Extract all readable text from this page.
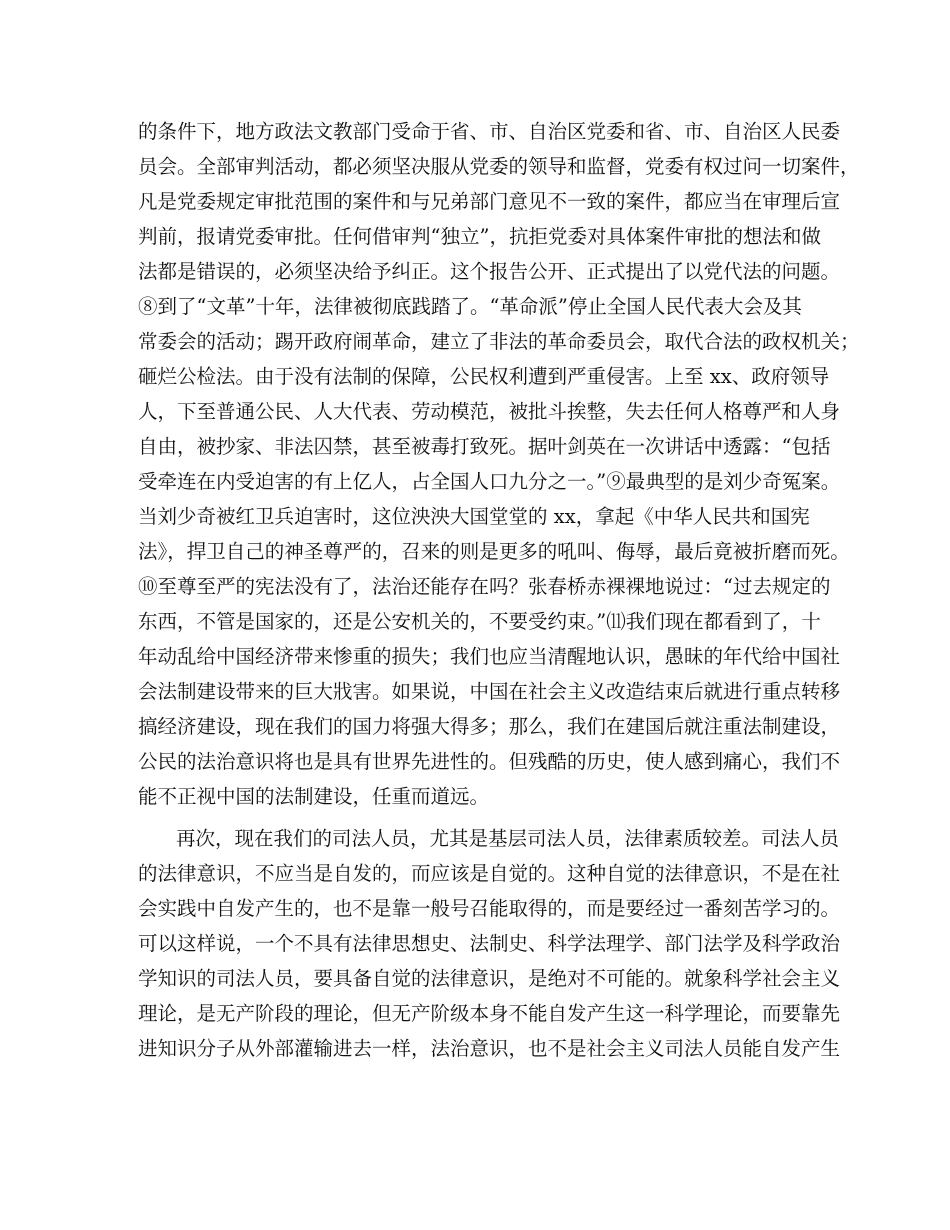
的条件下，地方政法文教部门受命于省、市、自治区党委和省、市、自治区人民委
员会。全部审判活动，都必须坚决服从党委的领导和监督，党委有权过问一切案件，
凡是党委规定审批范围的案件和与兄弟部门意见不一致的案件，都应当在审理后宣
判前，报请党委审批。任何借审判“独立”，抗拒党委对具体案件审批的想法和做
法都是错误的，必须坚决给予纠正。这个报告公开、正式提出了以党代法的问题。
⑧到了“文革”十年，法律被彻底践踏了。“革命派”停止全国人民代表大会及其
常委会的活动；踢开政府闹革命，建立了非法的革命委员会，取代合法的政权机关；
砸烂公检法。由于没有法制的保障，公民权利遭到严重侵害。上至 xx、政府领导
人，下至普通公民、人大代表、劳动模范，被批斗挨整，失去任何人格尊严和人身
自由，被抄家、非法囚禁，甚至被毒打致死。据叶剑英在一次讲话中透露：“包括
受牵连在内受迫害的有上亿人，占全国人口九分之一。”⑨最典型的是刘少奇冤案。
当刘少奇被红卫兵迫害时，这位泱泱大国堂堂的 xx，拿起《中华人民共和国宪
法》，捍卫自己的神圣尊严的，召来的则是更多的吼叫、侮辱，最后竟被折磨而死。
⑩至尊至严的宪法没有了，法治还能存在吗？张春桥赤裸裸地说过：“过去规定的
东西，不管是国家的，还是公安机关的，不要受约束。”⑾我们现在都看到了，十
年动乱给中国经济带来惨重的损失；我们也应当清醒地认识，愚昧的年代给中国社
会法制建设带来的巨大戕害。如果说，中国在社会主义改造结束后就进行重点转移
搞经济建设，现在我们的国力将强大得多；那么，我们在建国后就注重法制建设，
公民的法治意识将也是具有世界先进性的。但残酷的历史，使人感到痛心，我们不
能不正视中国的法制建设，任重而道远。
再次，现在我们的司法人员，尤其是基层司法人员，法律素质较差。司法人员
的法律意识，不应当是自发的，而应该是自觉的。这种自觉的法律意识，不是在社
会实践中自发产生的，也不是靠一般号召能取得的，而是要经过一番刻苦学习的。
可以这样说，一个不具有法律思想史、法制史、科学法理学、部门法学及科学政治
学知识的司法人员，要具备自觉的法律意识，是绝对不可能的。就象科学社会主义
理论，是无产阶段的理论，但无产阶级本身不能自发产生这一科学理论，而要靠先
进知识分子从外部灌输进去一样，法治意识，也不是社会主义司法人员能自发产生
